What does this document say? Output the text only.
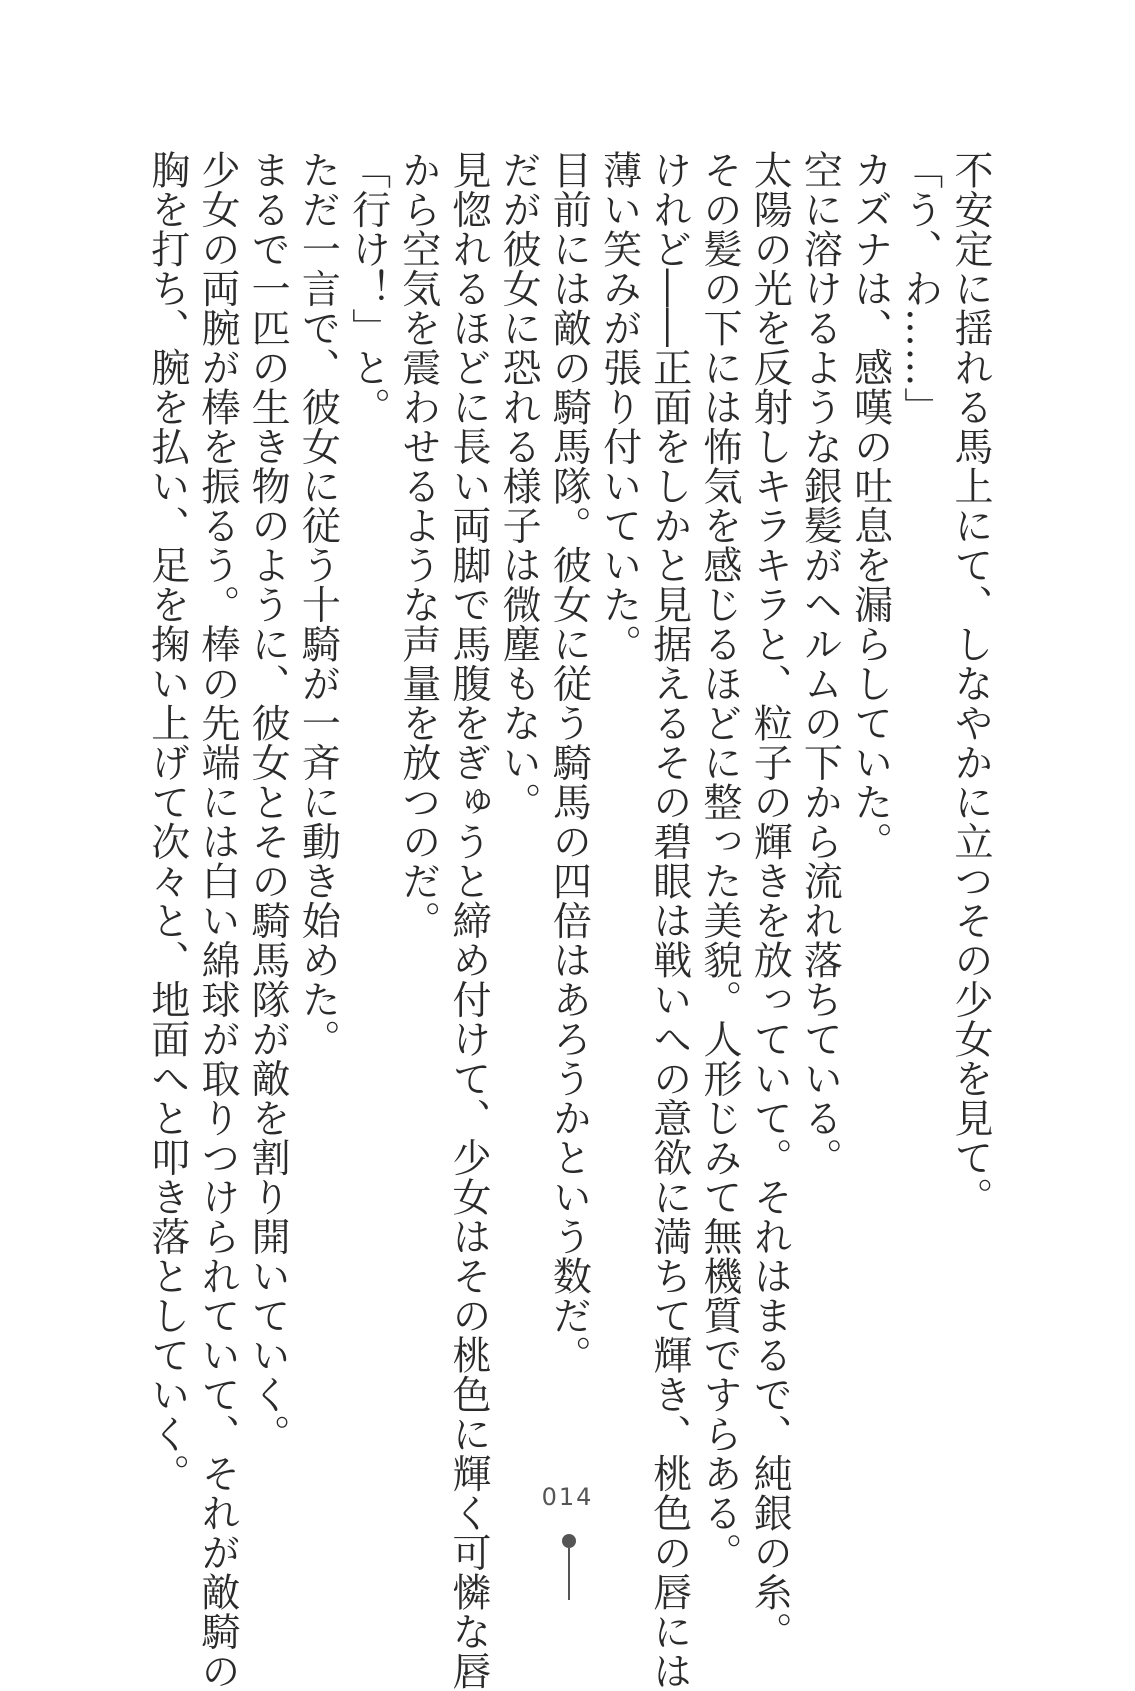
不安定に揺れる馬上にて、しなやかに立つその少女を見て。

「う、わ……」

カズナは、感嘆の吐息を漏らしていた。

空に溶けるような銀髪がヘルムの下から流れ落ちている。

太陽の光を反射しキラキラと、粒子の輝きを放っていて。それはまるで、純銀の糸。

その髪の下には怖気を感じるほどに整った美貌。人形じみて無機質ですらある。

けれど――正面をしかと見据えるその碧眼は戦いへの意欲に満ちて輝き、桃色の唇には

薄い笑みが張り付いていた。

目前には敵の騎馬隊。彼女に従う騎馬の四倍はあろうかという数だ。

だが彼女に恐れる様子は微塵もない。

見惚れるほどに長い両脚で馬腹をぎゅうと締め付けて、少女はその桃色に輝く可憐な唇

から空気を震わせるような声量を放つのだ。

「行け！」と。

ただ一言で、彼女に従う十騎が一斉に動き始めた。

まるで一匹の生き物のように、彼女とその騎馬隊が敵を割り開いていく。

少女の両腕が棒を振るう。棒の先端には白い綿球が取りつけられていて、それが敵騎の

胸を打ち、腕を払い、足を掬い上げて次々と、地面へと叩き落としていく。

014
